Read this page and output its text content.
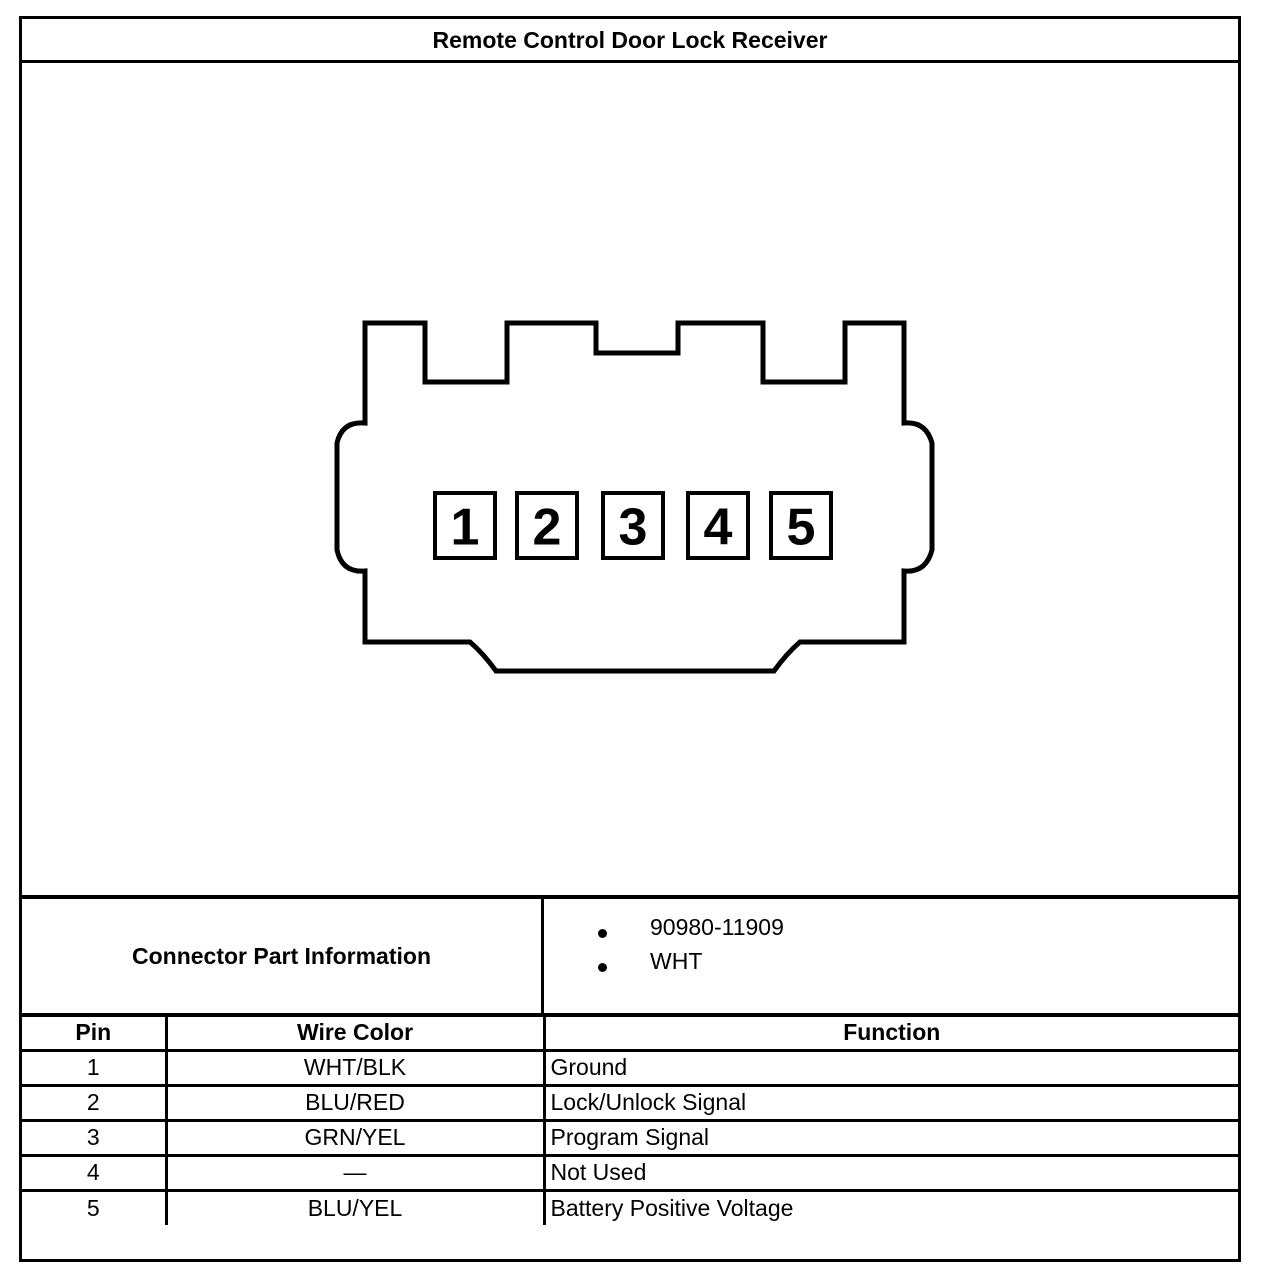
Remote Control Door Lock Receiver
1 2 3 4 5
Connector Part Information
90980-11909
WHT
Pin	Wire Color	Function
1	WHT/BLK	Ground
2	BLU/RED	Lock/Unlock Signal
3	GRN/YEL	Program Signal
4	—	Not Used
5	BLU/YEL	Battery Positive Voltage
